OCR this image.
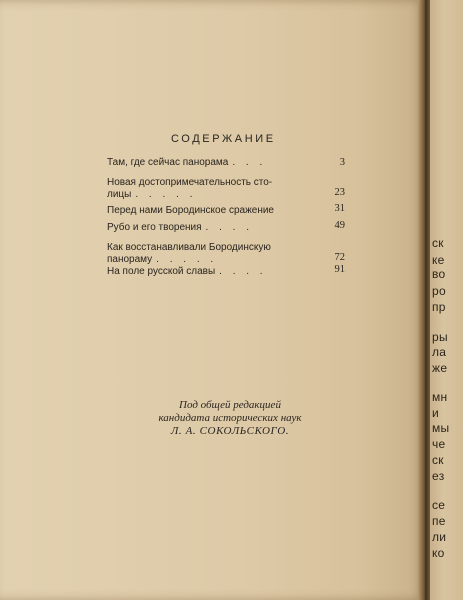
СОДЕРЖАНИЕ
Там, где сейчас панорама . . .	3
Новая достопримечательность сто-
лицы . . . . .	23
Перед нами Бородинское сражение	31
Рубо и его творения . . . .	49
Как восстанавливали Бородинскую
панораму . . . . .	72
На поле русской славы . . . .	91
Под общей редакцией
кандидата исторических наук
Л. А. СОКОЛЬСКОГО.
ск
ке
во
ро
пр
ры
ла
же
мн
и
мы
че
ск
ез
се
пе
ли
ко
